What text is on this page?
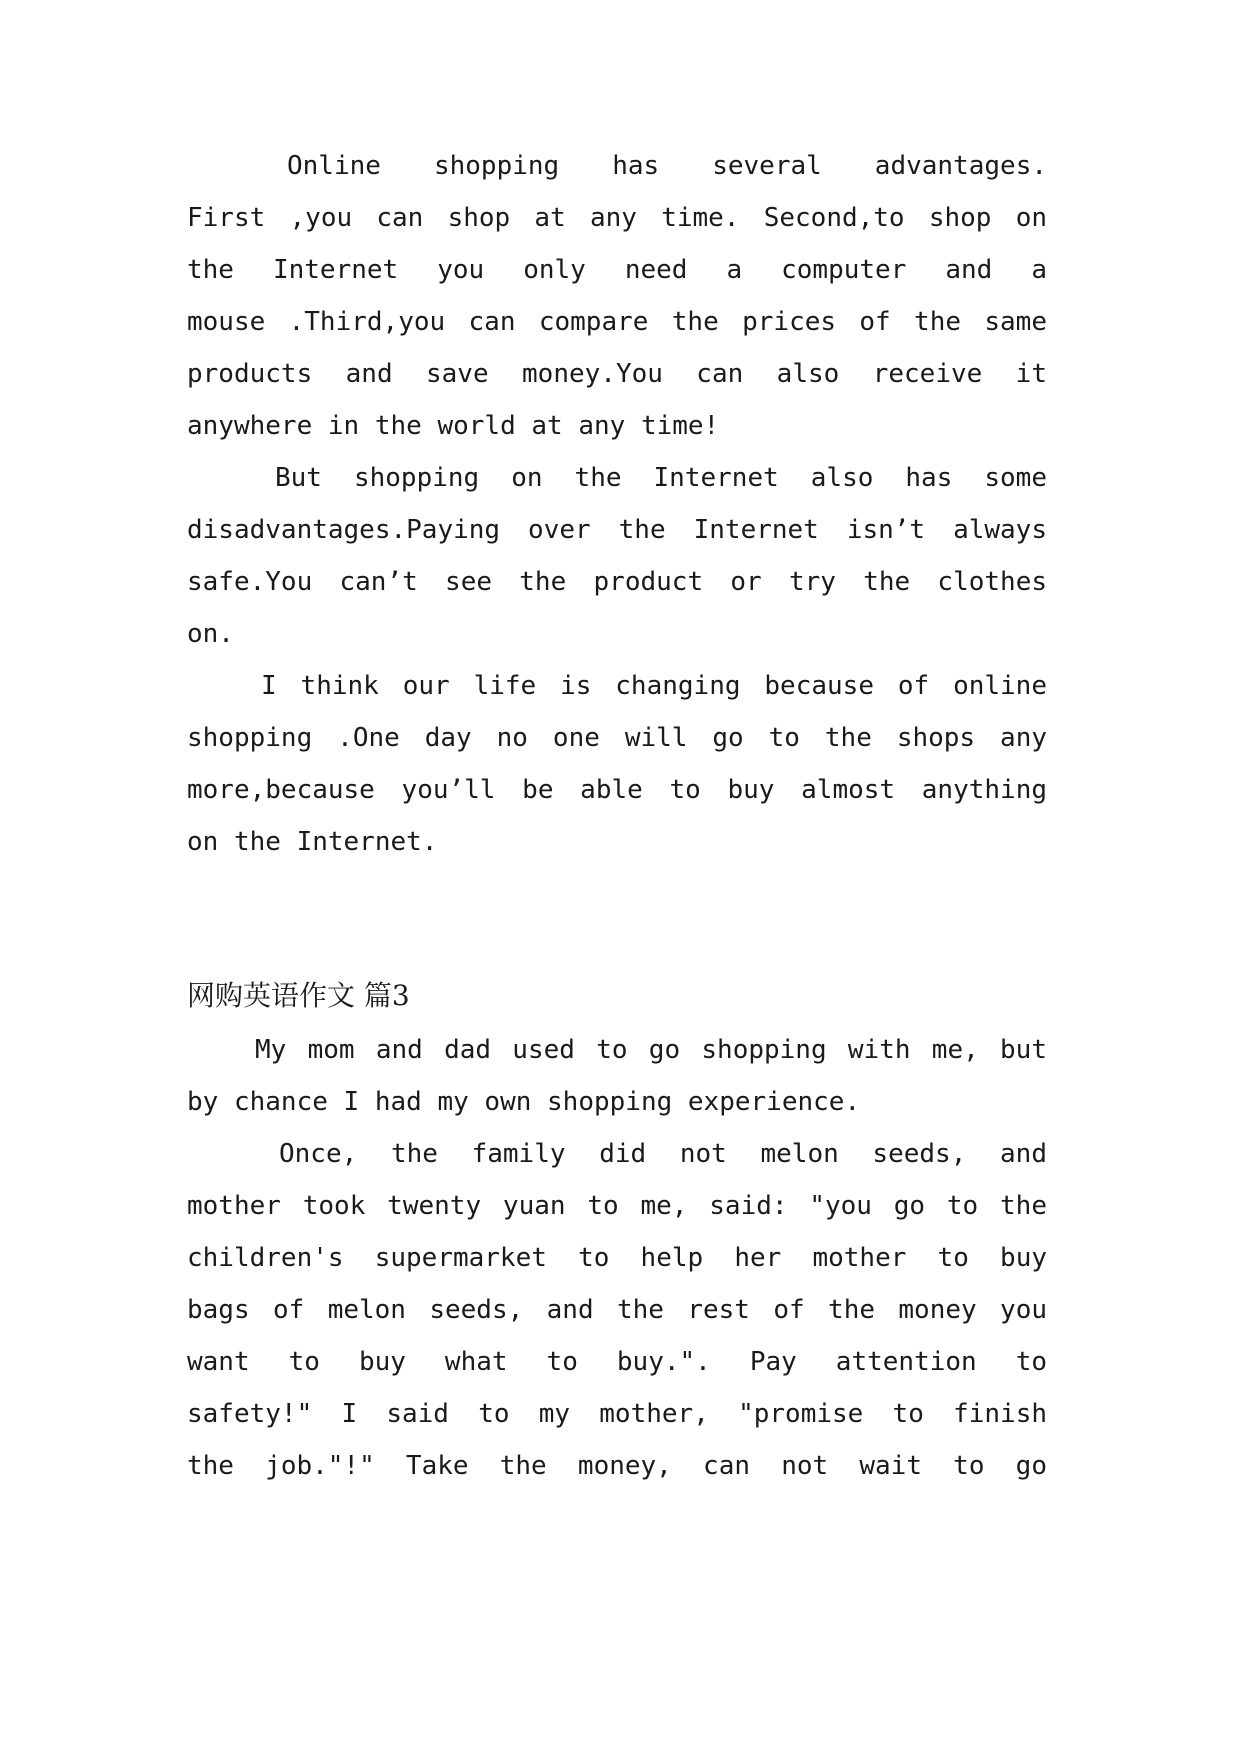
Online shopping has several advantages.
First ,you can shop at any time. Second,to shop on
the Internet you only need a computer and a
mouse .Third,you can compare the prices of the same
products and save money.You can also receive it
anywhere in the world at any time!
But shopping on the Internet also has some
disadvantages.Paying over the Internet isn’t always
safe.You can’t see the product or try the clothes
on.
I think our life is changing because of online
shopping .One day no one will go to the shops any
more,because you’ll be able to buy almost anything
on the Internet.
网购英语作文 篇3
My mom and dad used to go shopping with me, but
by chance I had my own shopping experience.
Once, the family did not melon seeds, and
mother took twenty yuan to me, said: "you go to the
children's supermarket to help her mother to buy
bags of melon seeds, and the rest of the money you
want to buy what to buy.". Pay attention to
safety!" I said to my mother, "promise to finish
the job."!" Take the money, can not wait to go
